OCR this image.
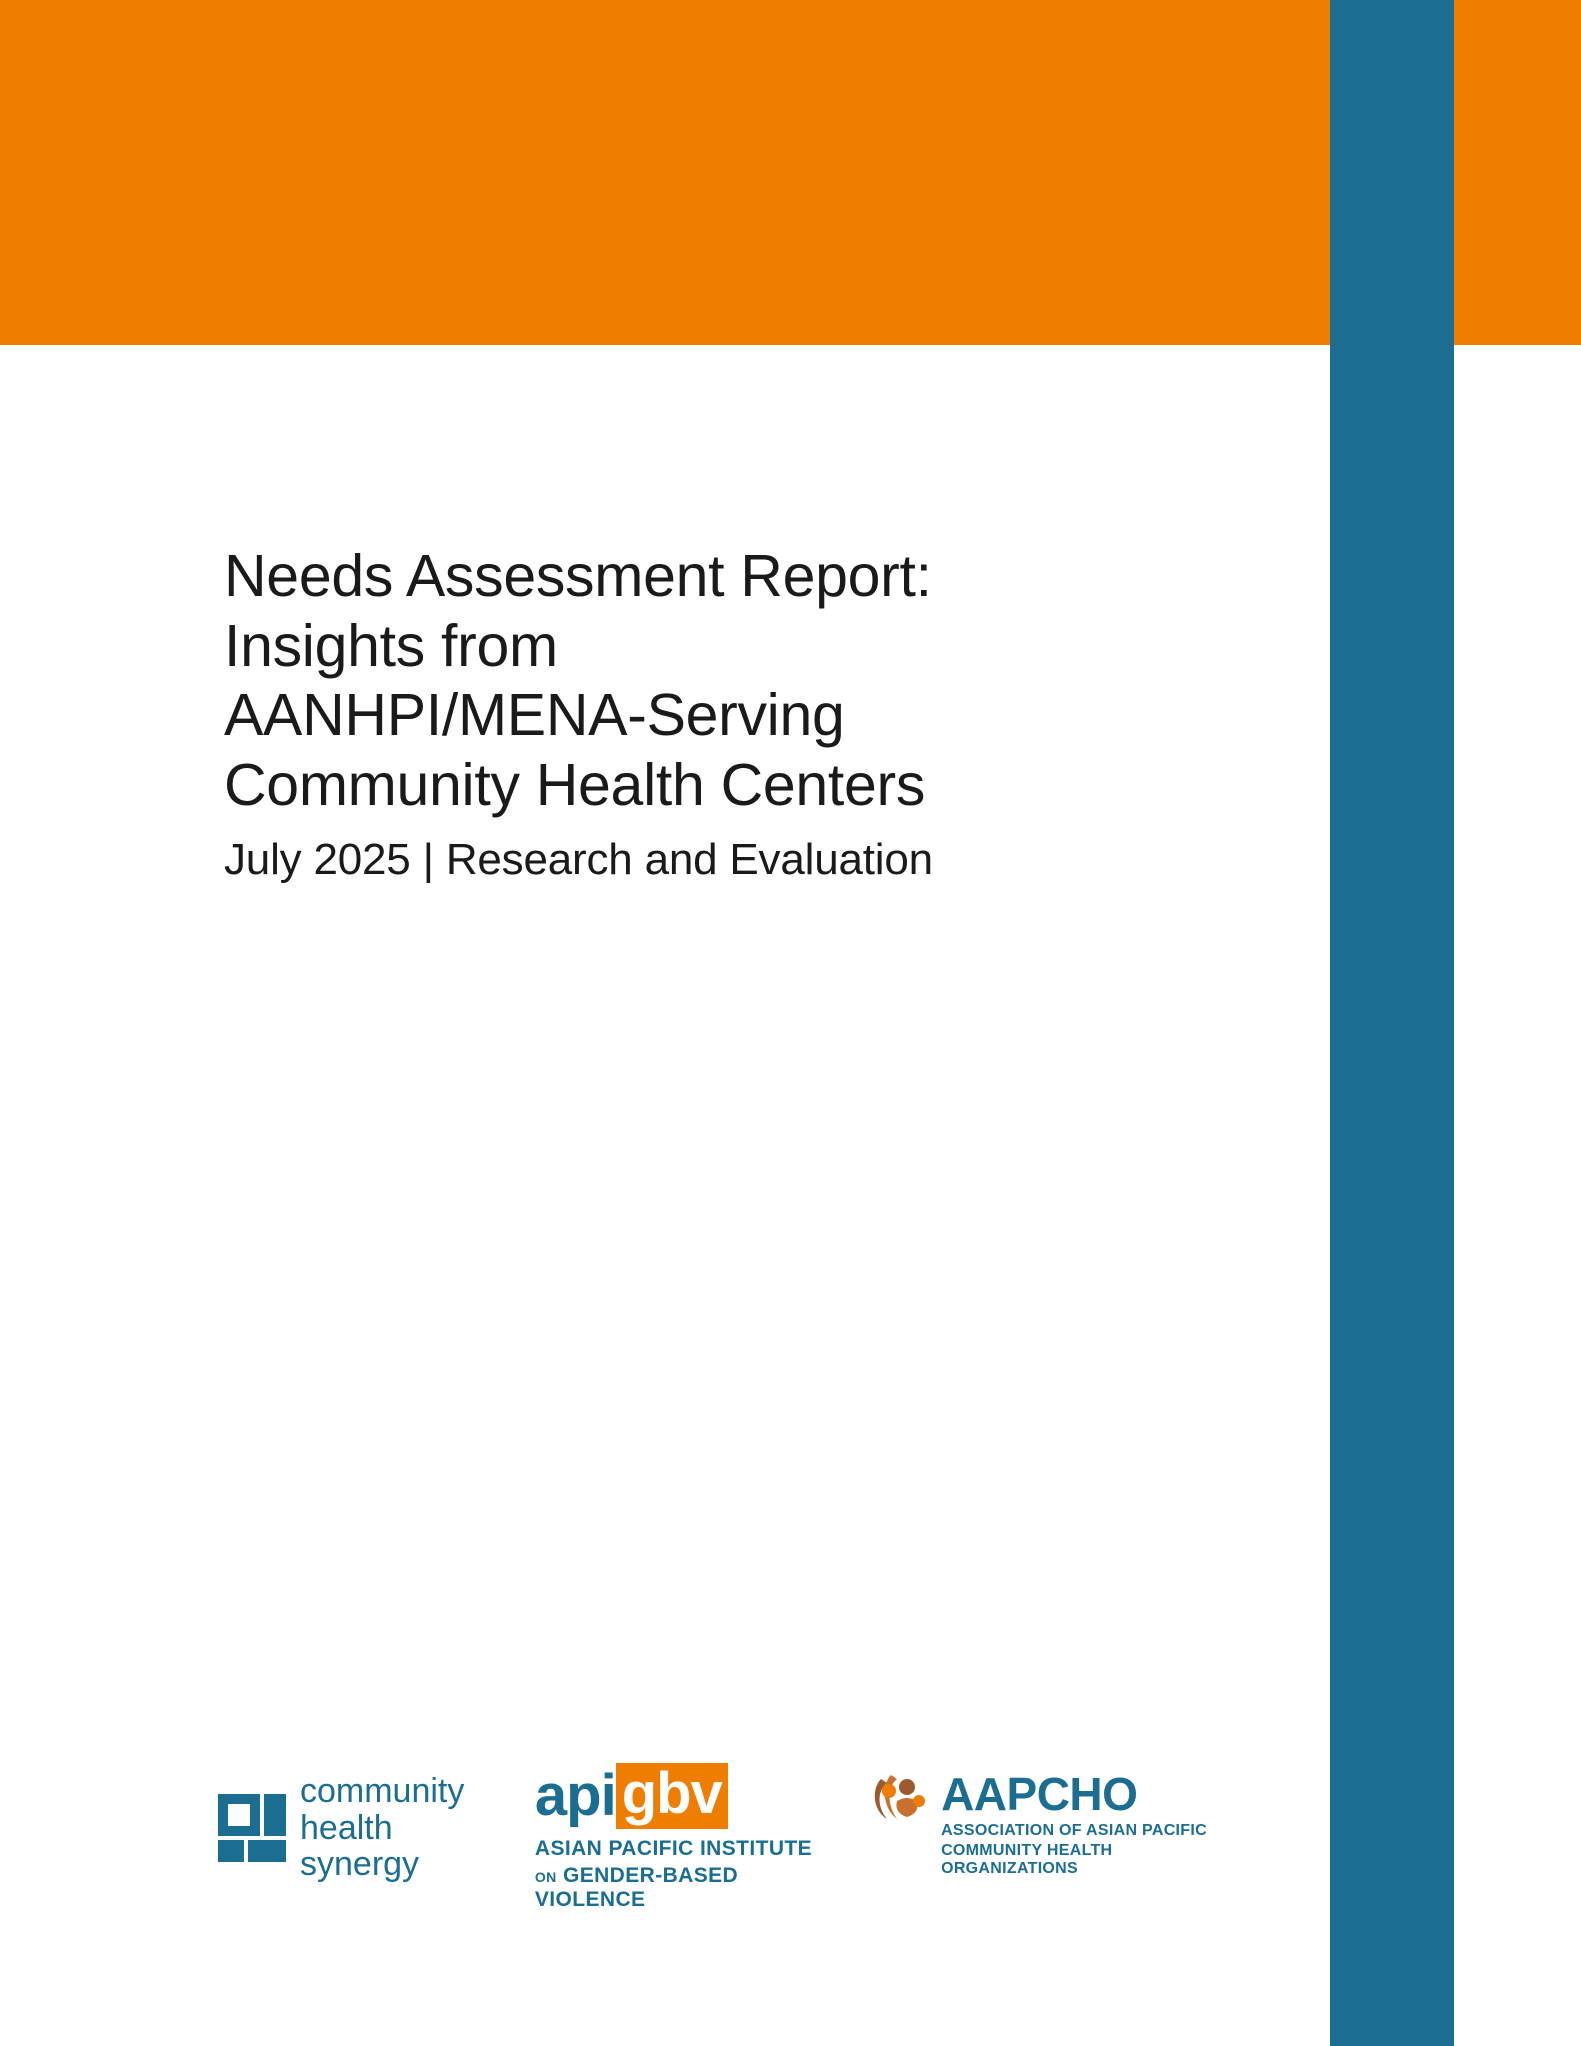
Needs Assessment Report:
Insights from
AANHPI/MENA-Serving
Community Health Centers

July 2025 | Research and Evaluation

community
health synergy
api gbv
ASIAN PACIFIC INSTITUTE
ON GENDER-BASED VIOLENCE
AAPCHO
ASSOCIATION OF ASIAN PACIFIC
COMMUNITY HEALTH ORGANIZATIONS
